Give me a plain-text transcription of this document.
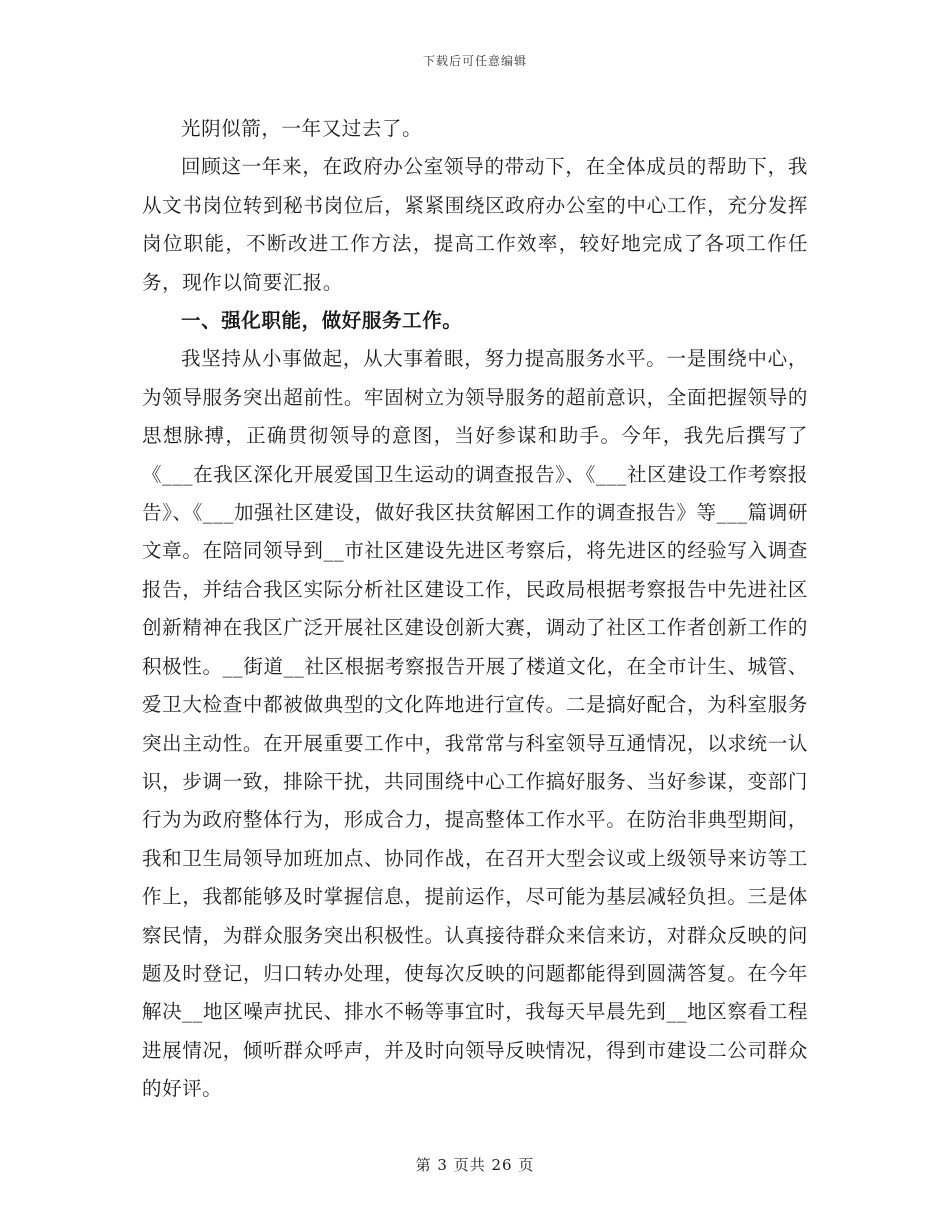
下载后可任意编辑

光阴似箭，一年又过去了。

回顾这一年来，在政府办公室领导的带动下，在全体成员的帮助下，我从文书岗位转到秘书岗位后，紧紧围绕区政府办公室的中心工作，充分发挥岗位职能，不断改进工作方法，提高工作效率，较好地完成了各项工作任务，现作以简要汇报。

一、强化职能，做好服务工作。

我坚持从小事做起，从大事着眼，努力提高服务水平。一是围绕中心，为领导服务突出超前性。牢固树立为领导服务的超前意识，全面把握领导的思想脉搏，正确贯彻领导的意图，当好参谋和助手。今年，我先后撰写了《___在我区深化开展爱国卫生运动的调查报告》、《___社区建设工作考察报告》、《___加强社区建设，做好我区扶贫解困工作的调查报告》等___篇调研文章。在陪同领导到__市社区建设先进区考察后，将先进区的经验写入调查报告，并结合我区实际分析社区建设工作，民政局根据考察报告中先进社区创新精神在我区广泛开展社区建设创新大赛，调动了社区工作者创新工作的积极性。__街道__社区根据考察报告开展了楼道文化，在全市计生、城管、爱卫大检查中都被做典型的文化阵地进行宣传。二是搞好配合，为科室服务突出主动性。在开展重要工作中，我常常与科室领导互通情况，以求统一认识，步调一致，排除干扰，共同围绕中心工作搞好服务、当好参谋，变部门行为为政府整体行为，形成合力，提高整体工作水平。在防治非典型期间，我和卫生局领导加班加点、协同作战，在召开大型会议或上级领导来访等工作上，我都能够及时掌握信息，提前运作，尽可能为基层减轻负担。三是体察民情，为群众服务突出积极性。认真接待群众来信来访，对群众反映的问题及时登记，归口转办处理，使每次反映的问题都能得到圆满答复。在今年解决__地区噪声扰民、排水不畅等事宜时，我每天早晨先到__地区察看工程进展情况，倾听群众呼声，并及时向领导反映情况，得到市建设二公司群众的好评。

第 3 页共 26 页
